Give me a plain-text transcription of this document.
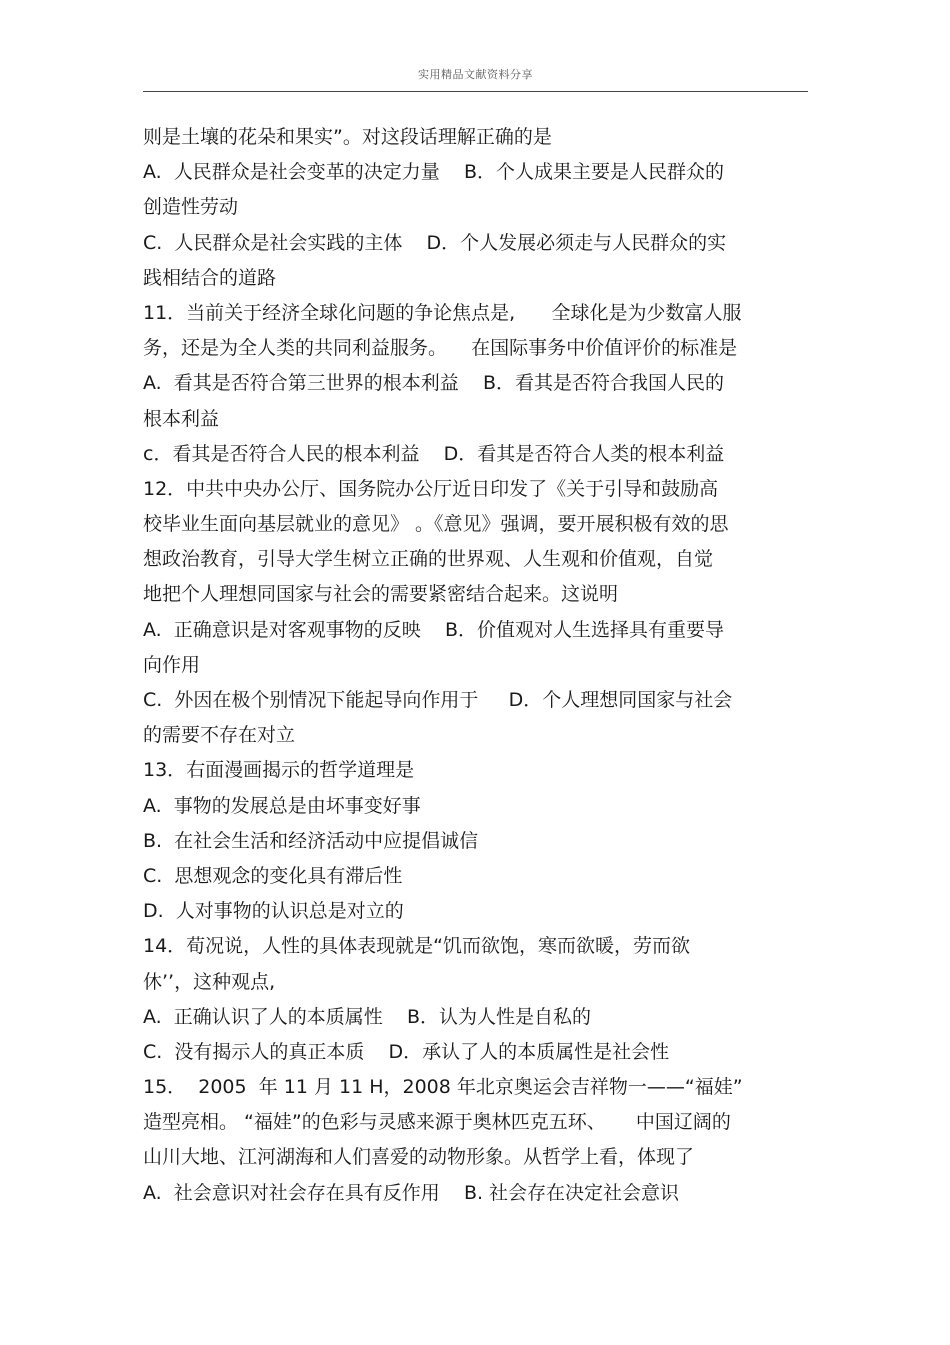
实用精品文献资料分享
则是土壤的花朵和果实”。对这段话理解正确的是
A.  人民群众是社会变革的决定力量    B．个人成果主要是人民群众的
创造性劳动
C.  人民群众是社会实践的主体    D．个人发展必须走与人民群众的实
践相结合的道路
11．当前关于经济全球化问题的争论焦点是,      全球化是为少数富人服
务，还是为全人类的共同利益服务。    在国际事务中价值评价的标准是
A.  看其是否符合第三世界的根本利益    B．看其是否符合我国人民的
根本利益
c．看其是否符合人民的根本利益    D．看其是否符合人类的根本利益
12．中共中央办公厅、国务院办公厅近日印发了《关于引导和鼓励高
校毕业生面向基层就业的意见》 。《意见》强调，要开展积极有效的思
想政治教育，引导大学生树立正确的世界观、人生观和价值观，自觉
地把个人理想同国家与社会的需要紧密结合起来。这说明
A.  正确意识是对客观事物的反映    B．价值观对人生选择具有重要导
向作用
C.  外因在极个别情况下能起导向作用于     D．个人理想同国家与社会
的需要不存在对立
13．右面漫画揭示的哲学道理是
A.  事物的发展总是由坏事变好事
B.  在社会生活和经济活动中应提倡诚信
C.  思想观念的变化具有滞后性
D.  人对事物的认识总是对立的
14．荀况说，人性的具体表现就是“饥而欲饱，寒而欲暖，劳而欲
休’’，这种观点,
A.  正确认识了人的本质属性    B．认为人性是自私的
C.  没有揭示人的真正本质    D．承认了人的本质属性是社会性
15．  2005  年 11 月 11 H，2008 年北京奥运会吉祥物一——“福娃”
造型亮相。 “福娃”的色彩与灵感来源于奥林匹克五环、     中国辽阔的
山川大地、江河湖海和人们喜爱的动物形象。从哲学上看，体现了
A.  社会意识对社会存在具有反作用    B. 社会存在决定社会意识
